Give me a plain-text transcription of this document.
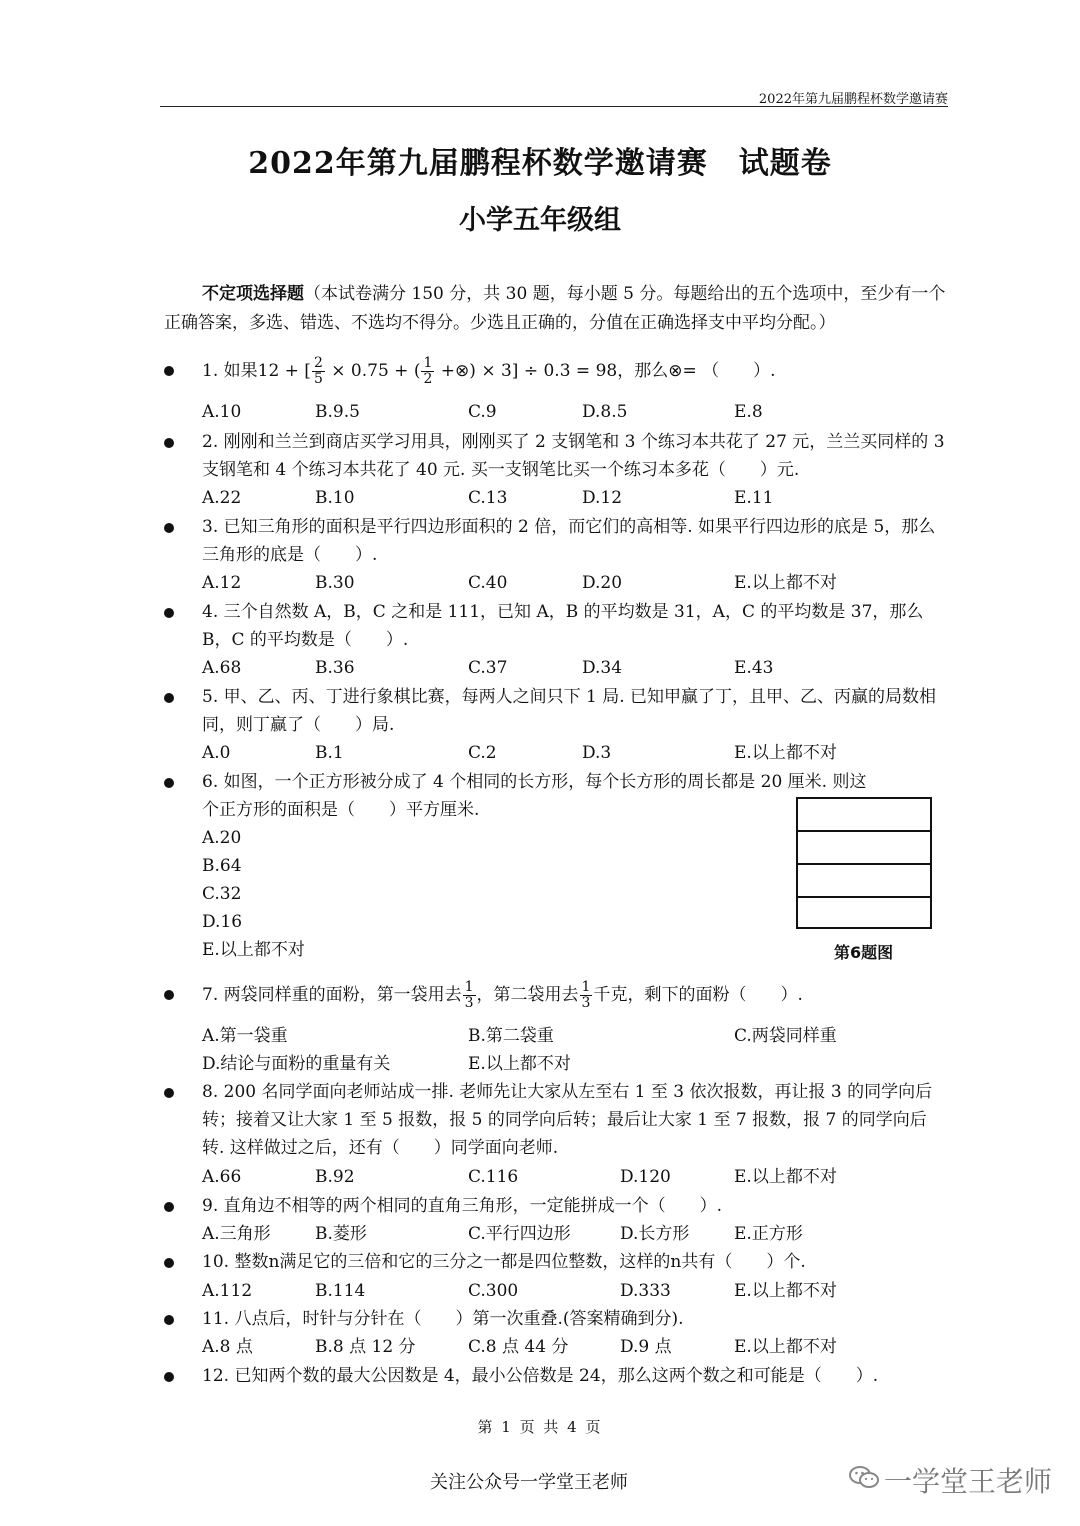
2022年第九届鹏程杯数学邀请赛
2022年第九届鹏程杯数学邀请赛　试题卷
小学五年级组
不定项选择题（本试卷满分 150 分，共 30 题，每小题 5 分。每题给出的五个选项中，至少有一个正确答案，多选、错选、不选均不得分。少选且正确的，分值在正确选择支中平均分配。）
1. 如果12 + [ $\frac{2}{5} \times 0.75$ + ( $\frac{1}{2}$ +⊗) × 3] ÷ 0.3 = 98，那么⊗= （　　）.
A.10	B.9.5	C.9	D.8.5	E.8
2. 刚刚和兰兰到商店买学习用具，刚刚买了 2 支钢笔和 3 个练习本共花了 27 元，兰兰买同样的 3 支钢笔和 4 个练习本共花了 40 元. 买一支钢笔比买一个练习本多花（　　）元.
A.22	B.10	C.13	D.12	E.11
3. 已知三角形的面积是平行四边形面积的 2 倍，而它们的高相等. 如果平行四边形的底是 5，那么三角形的底是（　　）.
A.12	B.30	C.40	D.20	E.以上都不对
4. 三个自然数 A，B，C 之和是 111，已知 A，B 的平均数是 31，A，C 的平均数是 37，那么 B，C 的平均数是（　　）.
A.68	B.36	C.37	D.34	E.43
5. 甲、乙、丙、丁进行象棋比赛，每两人之间只下 1 局. 已知甲赢了丁，且甲、乙、丙赢的局数相同，则丁赢了（　　）局.
A.0	B.1	C.2	D.3	E.以上都不对
6. 如图，一个正方形被分成了 4 个相同的长方形，每个长方形的周长都是 20 厘米. 则这
个正方形的面积是（　　）平方厘米.
A.20
B.64
C.32
D.16
E.以上都不对	第6题图
7. 两袋同样重的面粉，第一袋用去 $\frac{1}{3}$ ，第二袋用去 $\frac{1}{3}$ 千克，剩下的面粉（　　）.
A.第一袋重	B.第二袋重	C.两袋同样重
D.结论与面粉的重量有关	E.以上都不对
8. 200 名同学面向老师站成一排. 老师先让大家从左至右 1 至 3 依次报数，再让报 3 的同学向后转；接着又让大家 1 至 5 报数，报 5 的同学向后转；最后让大家 1 至 7 报数，报 7 的同学向后转. 这样做过之后，还有（　　）同学面向老师.
A.66	B.92	C.116	D.120	E.以上都不对
9. 直角边不相等的两个相同的直角三角形，一定能拼成一个（　　）.
A.三角形	B.菱形	C.平行四边形	D.长方形	E.正方形
10. 整数n满足它的三倍和它的三分之一都是四位整数，这样的n共有（　　）个.
A.112	B.114	C.300	D.333	E.以上都不对
11. 八点后，时针与分针在（　　）第一次重叠.(答案精确到分).
A.8 点	B.8 点 12 分	C.8 点 44 分	D.9 点	E.以上都不对
12. 已知两个数的最大公因数是 4，最小公倍数是 24，那么这两个数之和可能是（　　）.
第 1 页 共 4 页
关注公众号一学堂王老师	一学堂王老师
